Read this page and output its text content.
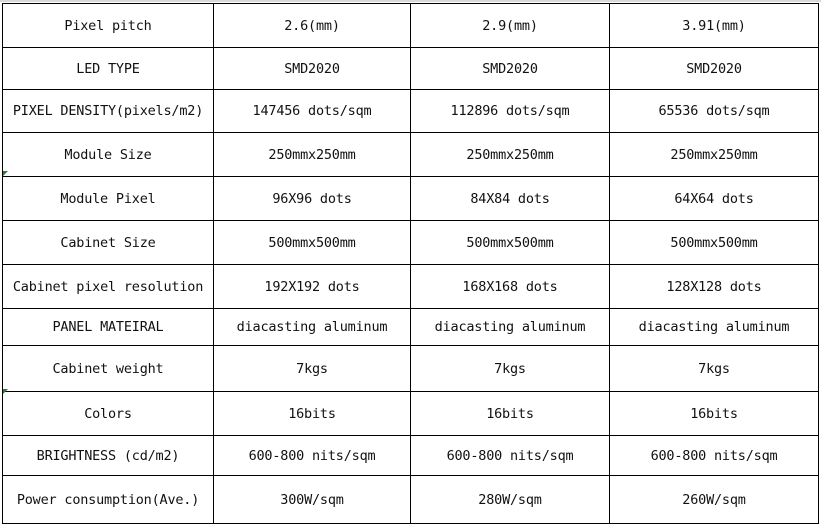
Pixel pitch	2.6(mm)	2.9(mm)	3.91(mm)
LED TYPE	SMD2020	SMD2020	SMD2020
PIXEL DENSITY(pixels/m2)	147456 dots/sqm	112896 dots/sqm	65536 dots/sqm
Module Size	250mmx250mm	250mmx250mm	250mmx250mm
Module Pixel	96X96 dots	84X84 dots	64X64 dots
Cabinet Size	500mmx500mm	500mmx500mm	500mmx500mm
Cabinet pixel resolution	192X192 dots	168X168 dots	128X128 dots
PANEL MATEIRAL	diacasting aluminum	diacasting aluminum	diacasting aluminum
Cabinet weight	7kgs	7kgs	7kgs
Colors	16bits	16bits	16bits
BRIGHTNESS (cd/m2)	600-800 nits/sqm	600-800 nits/sqm	600-800 nits/sqm
Power consumption(Ave.)	300W/sqm	280W/sqm	260W/sqm
